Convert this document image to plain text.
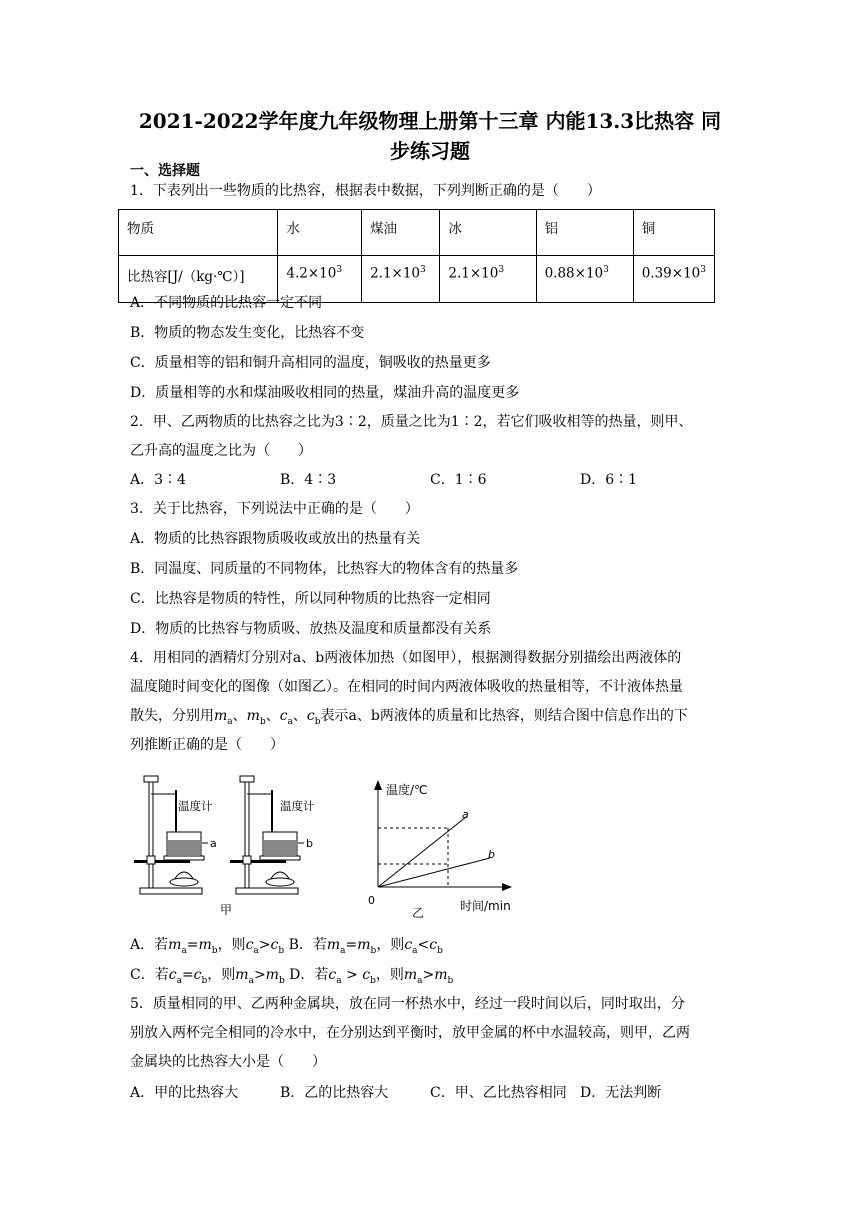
2021-2022学年度九年级物理上册第十三章 内能13.3比热容 同
步练习题
一、选择题
1．下表列出一些物质的比热容，根据表中数据，下列判断正确的是（　　）
物质	水	煤油	冰	铝	铜
比热容[J/（kg·℃）]	$4.2\times 10^3$	$2.1\times 10^3$	$2.1\times 10^3$	$0.88\times 10^3$	$0.39\times 10^3$
A．不同物质的比热容一定不同
B．物质的物态发生变化，比热容不变
C．质量相等的铝和铜升高相同的温度，铜吸收的热量更多
D．质量相等的水和煤油吸收相同的热量，煤油升高的温度更多
2．甲、乙两物质的比热容之比为3∶2，质量之比为1∶2，若它们吸收相等的热量，则甲、
乙升高的温度之比为（　　）
A．3∶4	B．4∶3	C．1∶6	D．6∶1
3．关于比热容，下列说法中正确的是（　　）
A．物质的比热容跟物质吸收或放出的热量有关
B．同温度、同质量的不同物体，比热容大的物体含有的热量多
C．比热容是物质的特性，所以同种物质的比热容一定相同
D．物质的比热容与物质吸、放热及温度和质量都没有关系
4．用相同的酒精灯分别对a、b两液体加热（如图甲），根据测得数据分别描绘出两液体的
温度随时间变化的图像（如图乙）。在相同的时间内两液体吸收的热量相等，不计液体热量
散失，分别用$m_a$、$m_b$、$c_a$、$c_b$表示a、b两液体的质量和比热容，则结合图中信息作出的下
列推断正确的是（　　）
温度计
a
甲
温度计
b
温度/℃
时间/min
0
a
b
乙
A．若$m_a=m_b$，则$c_a>c_b$ B．若$m_a=m_b$，则$c_a<c_b$
C．若$c_a=c_b$，则$m_a>m_b$ D．若$c_a > c_b$，则$m_a>m_b$
5．质量相同的甲、乙两种金属块，放在同一杯热水中，经过一段时间以后，同时取出，分
别放入两杯完全相同的冷水中，在分别达到平衡时，放甲金属的杯中水温较高，则甲，乙两
金属块的比热容大小是（　　）
A．甲的比热容大	B．乙的比热容大	C．甲、乙比热容相同 D．无法判断
